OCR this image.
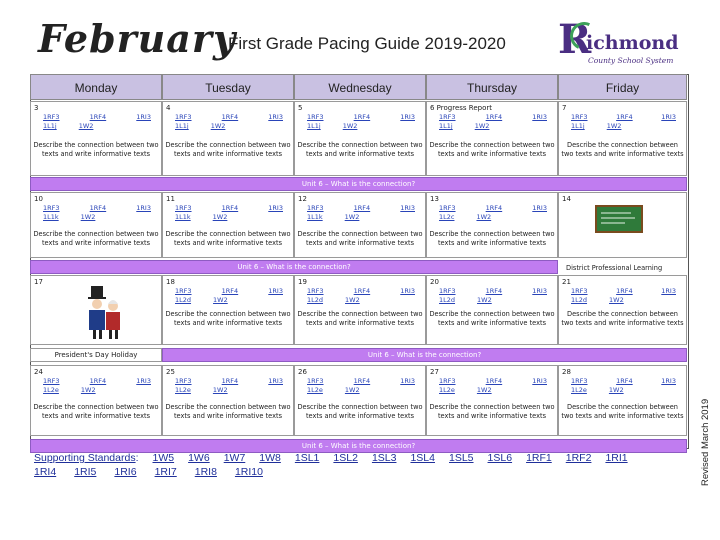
February
First Grade Pacing Guide 2019-2020 R
ichmond
County School System
Monday	Tuesday	Wednesday	Thursday	Friday
3
1RF3	1RF4	1RI3
1L1j	1W2
Describe the connection between two texts and write informative texts
4
1RF3	1RF4	1RI3
1L1j	1W2
Describe the connection between two texts and write informative texts
5
1RF3	1RF4	1RI3
1L1j	1W2
Describe the connection between two texts and write informative texts
6 Progress Report
1RF3	1RF4	1RI3
1L1j	1W2
Describe the connection between two texts and write informative texts
7
1RF3	1RF4	1RI3
1L1j	1W2
Describe the connection between two texts and write informative texts
Unit 6 – What is the connection?
10
1RF3	1RF4	1RI3
1L1k	1W2
Describe the connection between two texts and write informative texts
11
1RF3	1RF4	1RI3
1L1k	1W2
Describe the connection between two texts and write informative texts
12
1RF3	1RF4	1RI3
1L1k	1W2
Describe the connection between two texts and write informative texts
13
1RF3	1RF4	1RI3
1L2c	1W2
Describe the connection between two texts and write informative texts
14
Unit 6 – What is the connection?	District Professional Learning
17	18
1RF3	1RF4	1RI3
1L2d	1W2
Describe the connection between two texts and write informative texts
19
1RF3	1RF4	1RI3
1L2d	1W2
Describe the connection between two texts and write informative texts
20
1RF3	1RF4	1RI3
1L2d	1W2
Describe the connection between two texts and write informative texts
21
1RF3	1RF4	1RI3
1L2d	1W2
Describe the connection between two texts and write informative texts
President's Day Holiday	Unit 6 – What is the connection?
24
1RF3	1RF4	1RI3
1L2e	1W2
Describe the connection between two texts and write informative texts
25
1RF3	1RF4	1RI3
1L2e	1W2
Describe the connection between two texts and write informative texts
26
1RF3	1RF4	1RI3
1L2e	1W2
Describe the connection between two texts and write informative texts
27
1RF3	1RF4	1RI3
1L2e	1W2
Describe the connection between two texts and write informative texts
28
1RF3	1RF4	1RI3
1L2e	1W2
Describe the connection between two texts and write informative texts
Unit 6 – What is the connection?
Supporting Standards : 1W5 1W6 1W7 1W8 1SL1 1SL2 1SL3 1SL4 1SL5 1SL6 1RF1 1RF2 1RI1
1RI4 1RI5 1RI6 1RI7 1RI8 1RI10	Revised March 2019
